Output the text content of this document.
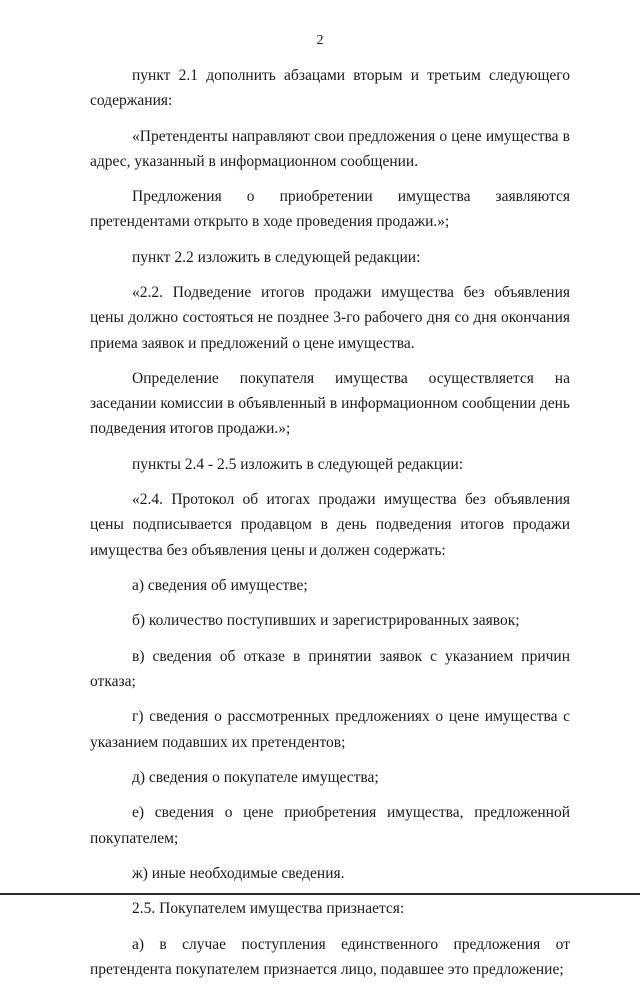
2

пункт 2.1 дополнить абзацами вторым и третьим следующего содержания:

«Претенденты направляют свои предложения о цене имущества в адрес, указанный в информационном сообщении.

Предложения о приобретении имущества заявляются претендентами открыто в ходе проведения продажи.»;

пункт 2.2 изложить в следующей редакции:

«2.2. Подведение итогов продажи имущества без объявления цены должно состояться не позднее 3-го рабочего дня со дня окончания приема заявок и предложений о цене имущества.

Определение покупателя имущества осуществляется на заседании комиссии в объявленный в информационном сообщении день подведения итогов продажи.»;

пункты 2.4 - 2.5 изложить в следующей редакции:

«2.4. Протокол об итогах продажи имущества без объявления цены подписывается продавцом в день подведения итогов продажи имущества без объявления цены и должен содержать:

а) сведения об имуществе;

б) количество поступивших и зарегистрированных заявок;

в) сведения об отказе в принятии заявок с указанием причин отказа;

г) сведения о рассмотренных предложениях о цене имущества с указанием подавших их претендентов;

д) сведения о покупателе имущества;

е) сведения о цене приобретения имущества, предложенной покупателем;

ж) иные необходимые сведения.

2.5. Покупателем имущества признается:

а) в случае поступления единственного предложения от претендента покупателем признается лицо, подавшее это предложение;
